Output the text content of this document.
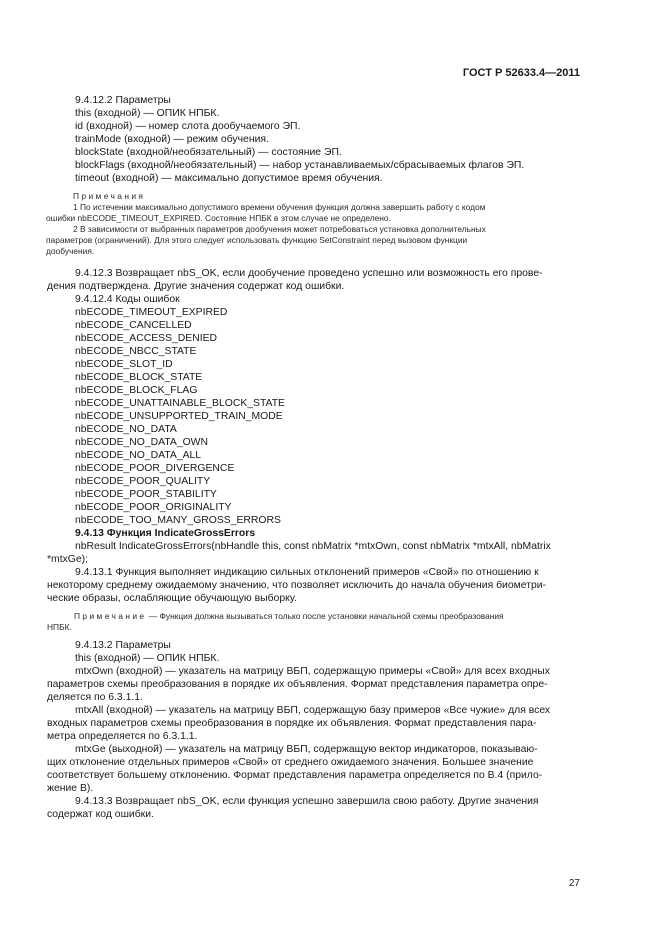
ГОСТ Р 52633.4—2011

9.4.12.2 Параметры

this (входной) — ОПИК НПБК.

id (входной) — номер слота дообучаемого ЭП.

trainMode (входной) — режим обучения.

blockState (входной/необязательный) — состояние ЭП.

blockFlags (входной/необязательный) — набор устанавливаемых/сбрасываемых флагов ЭП.

timeout (входной) — максимально допустимое время обучения.

Примечания

1 По истечении максимально допустимого времени обучения функция должна завершить работу с кодом

ошибки nbECODE_TIMEOUT_EXPIRED. Состояние НПБК в этом случае не определено.

2 В зависимости от выбранных параметров дообучения может потребоваться установка дополнительных

параметров (ограничений). Для этого следует использовать функцию SetConstraint перед вызовом функции

дообучения.

9.4.12.3 Возвращает nbS_OK, если дообучение проведено успешно или возможность его прове-

дения подтверждена. Другие значения содержат код ошибки.

9.4.12.4 Коды ошибок

nbECODE_TIMEOUT_EXPIRED

nbECODE_CANCELLED

nbECODE_ACCESS_DENIED

nbECODE_NBCC_STATE

nbECODE_SLOT_ID

nbECODE_BLOCK_STATE

nbECODE_BLOCK_FLAG

nbECODE_UNATTAINABLE_BLOCK_STATE

nbECODE_UNSUPPORTED_TRAIN_MODE

nbECODE_NO_DATA

nbECODE_NO_DATA_OWN

nbECODE_NO_DATA_ALL

nbECODE_POOR_DIVERGENCE

nbECODE_POOR_QUALITY

nbECODE_POOR_STABILITY

nbECODE_POOR_ORIGINALITY

nbECODE_TOO_MANY_GROSS_ERRORS

9.4.13 Функция IndicateGrossErrors

nbResult IndicateGrossErrors(nbHandle this, const nbMatrix *mtxOwn, const nbMatrix *mtxAll, nbMatrix

*mtxGe);

9.4.13.1 Функция выполняет индикацию сильных отклонений примеров «Свой» по отношению к

некоторому среднему ожидаемому значению, что позволяет исключить до начала обучения биометри-

ческие образы, ослабляющие обучающую выборку.

Примечание — Функция должна вызываться только после установки начальной схемы преобразования

НПБК.

9.4.13.2 Параметры

this (входной) — ОПИК НПБК.

mtxOwn (входной) — указатель на матрицу ВБП, содержащую примеры «Свой» для всех входных

параметров схемы преобразования в порядке их объявления. Формат представления параметра опре-

деляется по 6.3.1.1.

mtxAll (входной) — указатель на матрицу ВБП, содержащую базу примеров «Все чужие» для всех

входных параметров схемы преобразования в порядке их объявления. Формат представления пара-

метра определяется по 6.3.1.1.

mtxGe (выходной) — указатель на матрицу ВБП, содержащую вектор индикаторов, показываю-

щих отклонение отдельных примеров «Свой» от среднего ожидаемого значения. Большее значение

соответствует большему отклонению. Формат представления параметра определяется по В.4 (прило-

жение В).

9.4.13.3 Возвращает nbS_OK, если функция успешно завершила свою работу. Другие значения

содержат код ошибки.

27
